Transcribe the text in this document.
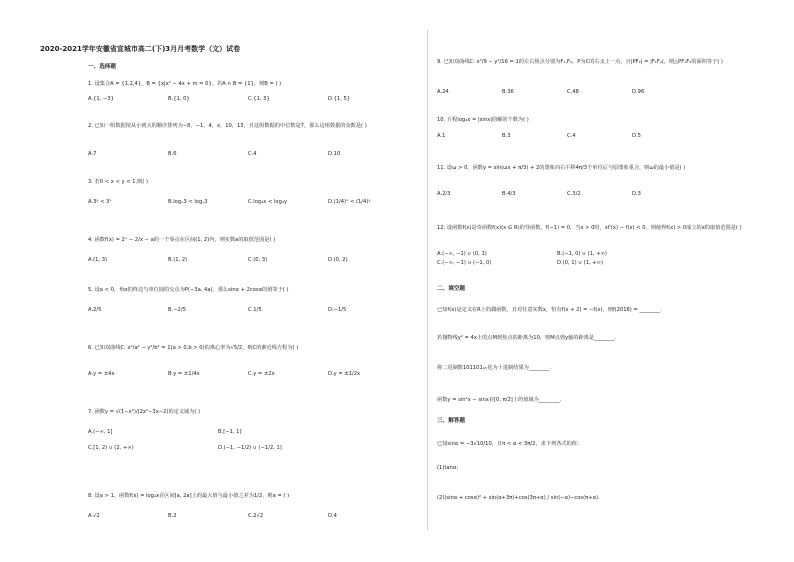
2020-2021学年安徽省宣城市高二(下)3月月考数学（文）试卷
一、选择题
1. 设集合A = {1,2,4}，B = {x|x² − 4x + m = 0}，若A ∩ B = {1}，则B = ( )
A.{1, −3}	B.{1, 0}	C.{1, 3}	D.{1, 5}
2. 已知一组数据按从小到大的顺序排列为−8，−1，4，x，10，13，且这组数据的中位数是7，那么这组数据的众数是( )
A.7	B.6	C.4	D.10
3. 若0 < x < y < 1,则( )
A.3ʸ < 3ˣ	B.logₓ3 < logᵧ3	C.log₄x < log₄y	D.(1/4)ˣ < (1/4)ʸ
4. 函数f(x) = 2ˣ − 2/x − a的一个零点在区间(1, 2)内，则实数a的取值范围是( )
A.(1, 3)	B.(1, 2)	C.(0, 3)	D.(0, 2)
5. 设a < 0，角α的终边与单位圆的交点为P(−3a, 4a)，那么sinα + 2cosα的值等于( )
A.2/5	B.−2/5	C.1/5	D.−1/5
6. 已知双曲线C: x²/a² − y²/b² = 1(a > 0,b > 0)的离心率为√5/2，则C的渐近线方程为( )
A.y = ±4x	B.y = ±1/4x	C.y = ±2x	D.y = ±1/2x
7. 函数y = √(1−x²)/(2x²−3x−2)的定义域为( )
A.(−∞, 1]	B.[−1, 1]
C.[1, 2) ∪ (2, +∞)	D.(−1, −1/2) ∪ (−1/2, 1]
8. 设a > 1，函数f(x) = logₐx在区间[a, 2a]上的最大值与最小值之差为1/2，则a = ( )
A.√2	B.2	C.2√2	D.4
9. 已知双曲线C: x²/9 − y²/16 = 1的左右焦点分别为F₁,F₂，P为C的右支上一点，且|PF₂| = |F₁F₂|，则△PF₁F₂的面积等于( )
A.24	B.36	C.48	D.96
10. 方程log₄x = |sinx|的解的个数为( )
A.1	B.3	C.4	D.5
11. 设ω > 0，函数y = sin(ωx + π/3) + 2的图象向右平移4π/3个单位后与原图象重合，则ω的最小值是( )
A.2/3	B.4/3	C.3/2	D.3
12. 设函数f(x)是奇函数f(x)(x ∈ R)的导函数，f(−1) = 0，当x > 0时，xf′(x) − f(x) < 0，则使得f(x) > 0成立的x的取值范围是( )
A.(−∞, −1) ∪ (0, 1)	B.(−1, 0) ∪ (1, +∞)
C.(−∞, −1) ∪ (−1, 0)	D.(0, 1) ∪ (1, +∞)
二、填空题
已知f(x)是定义在R上的偶函数，且对任意实数x，恒有f(x + 2) = −f(x)，则f(2016) = ________.
若抛物线y² = 4x上的点M到焦点的距离为10，则M点到y轴的距离是________.
将二进制数101101₍₂₎化为十进制结果为________.
函数y = sin²x − sinx在[0, π/2]上的值域为________.
三、解答题
已知sinα = −3√10/10，且π < α < 3π/2，求下列各式的值：
(1)tanα；
(2)(sinα + cosα)² + sin(α+3π)+cos(3π+α) / sin(−α)−cos(π+α).
